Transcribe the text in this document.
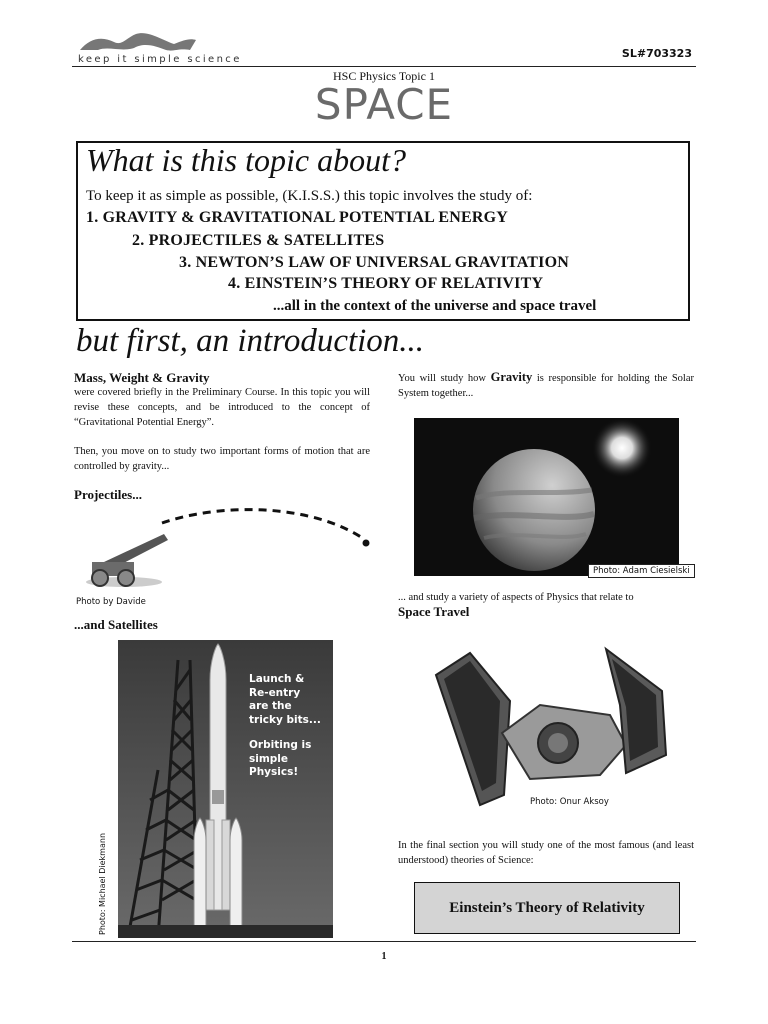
keep it simple science	SL#703323
HSC Physics Topic 1
SPACE
What is this topic about?
To keep it as simple as possible, (K.I.S.S.) this topic involves the study of:
1. GRAVITY & GRAVITATIONAL POTENTIAL ENERGY
2. PROJECTILES & SATELLITES
3. NEWTON’S LAW OF UNIVERSAL GRAVITATION
4. EINSTEIN’S THEORY OF RELATIVITY
...all in the context of the universe and space travel
but first, an introduction...
Mass, Weight & Gravity
were covered briefly in the Preliminary Course. In this topic you will revise these concepts, and be introduced to the concept of “Gravitational Potential Energy”.
Then, you move on to study two important forms of motion that are controlled by gravity...
Projectiles...
Photo by Davide
...and Satellites
Launch &
Re-entry
are the
tricky bits...
Orbiting is
simple
Physics!
Photo: Michael Diekmann
You will study how Gravity is responsible for holding the Solar System together...
Photo: Adam Ciesielski
... and study a variety of aspects of Physics that relate to
Space Travel
Photo: Onur Aksoy
In the final section you will study one of the most famous (and least understood) theories of Science:
Einstein’s Theory of Relativity
1
